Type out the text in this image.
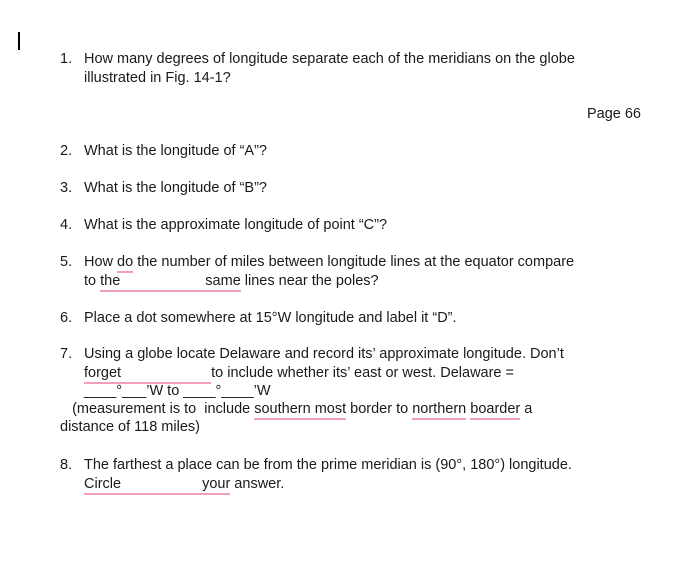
1. How many degrees of longitude separate each of the meridians on the globe
illustrated in Fig. 14-1?
Page 66
2. What is the longitude of “A”?
3. What is the longitude of “B”?
4. What is the approximate longitude of point “C”?
5. How do the number of miles between longitude lines at the equator compare
to the	same lines near the poles?
6. Place a dot somewhere at 15°W longitude and label it “D”.
7. Using a globe locate Delaware and record its’ approximate longitude. Don’t
forget	to include whether its’ east or west. Delaware =
____°___’W to ____°____’W
(measurement is to  include southern most border to northern boarder a
distance of 118 miles)
8. The farthest a place can be from the prime meridian is (90°, 180°) longitude.
Circle	your answer.
